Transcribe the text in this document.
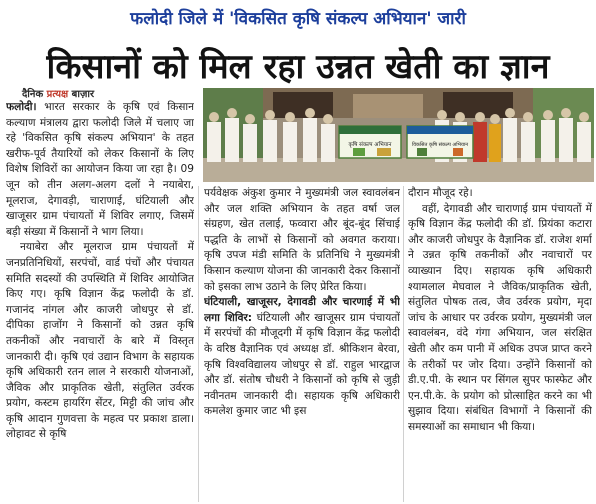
फलोदी जिले में 'विकसित कृषि संकल्प अभियान' जारी
किसानों को मिल रहा उन्नत खेती का ज्ञान
दैनिक प्रत्यक्ष बाज़ार
कृषि संकल्प अभियान	विकसित कृषि संकल्प अभियान

फलोदी। भारत सरकार के कृषि एवं किसान कल्याण मंत्रालय द्वारा फलोदी जिले में चलाए जा रहे 'विकसित कृषि संकल्प अभियान' के तहत खरीफ-पूर्व तैयारियों को लेकर किसानों के लिए विशेष शिविरों का आयोजन किया जा रहा है। 09 जून को तीन अलग-अलग दलों ने नयाबेरा, मूलराज, देगावड़ी, चाराणाई, घंटियाली और खाजूसर ग्राम पंचायतों में शिविर लगाए, जिसमें बड़ी संख्या में किसानों ने भाग लिया।

नयाबेरा और मूलराज ग्राम पंचायतों में जनप्रतिनिधियों, सरपंचों, वार्ड पंचों और पंचायत समिति सदस्यों की उपस्थिति में शिविर आयोजित किए गए। कृषि विज्ञान केंद्र फलोदी के डॉ. गजानंद नांगल और काजरी जोधपुर से डॉ. दीपिका हाजोंग ने किसानों को उन्नत कृषि तकनीकों और नवाचारों के बारे में विस्तृत जानकारी दी। कृषि एवं उद्यान विभाग के सहायक कृषि अधिकारी रतन लाल ने सरकारी योजनाओं, जैविक और प्राकृतिक खेती, संतुलित उर्वरक प्रयोग, कस्टम हायरिंग सेंटर, मिट्टी की जांच और कृषि आदान गुणवत्ता के महत्व पर प्रकाश डाला। लोहावट से कृषि

पर्यवेक्षक अंकुश कुमार ने मुख्यमंत्री जल स्वावलंबन और जल शक्ति अभियान के तहत वर्षा जल संग्रहण, खेत तलाई, फव्वारा और बूंद-बूंद सिंचाई पद्धति के लाभों से किसानों को अवगत कराया। कृषि उपज मंडी समिति के प्रतिनिधि ने मुख्यमंत्री किसान कल्याण योजना की जानकारी देकर किसानों को इसका लाभ उठाने के लिए प्रेरित किया।

घंटियाली, खाजूसर, देगावडी और चारणाई में भी लगा शिविर: घंटियाली और खाजूसर ग्राम पंचायतों में सरपंचों की मौजूदगी में कृषि विज्ञान केंद्र फलोदी के वरिष्ठ वैज्ञानिक एवं अध्यक्ष डॉ. श्रीकिशन बेरवा, कृषि विश्वविद्यालय जोधपुर से डॉ. राहुल भारद्वाज और डॉ. संतोष चौधरी ने किसानों को कृषि से जुड़ी नवीनतम जानकारी दी। सहायक कृषि अधिकारी कमलेश कुमार जाट भी इस

दौरान मौजूद रहे।

वहीं, देगावडी और चाराणाई ग्राम पंचायतों में कृषि विज्ञान केंद्र फलोदी की डॉ. प्रियंका कटारा और काजरी जोधपुर के वैज्ञानिक डॉ. राजेश शर्मा ने उन्नत कृषि तकनीकों और नवाचारों पर व्याख्यान दिए। सहायक कृषि अधिकारी श्यामलाल मेघवाल ने जैविक/प्राकृतिक खेती, संतुलित पोषक तत्व, जैव उर्वरक प्रयोग, मृदा जांच के आधार पर उर्वरक प्रयोग, मुख्यमंत्री जल स्वावलंबन, वंदे गंगा अभियान, जल संरक्षित खेती और कम पानी में अधिक उपज प्राप्त करने के तरीकों पर जोर दिया। उन्होंने किसानों को डी.ए.पी. के स्थान पर सिंगल सुपर फास्फेट और एन.पी.के. के प्रयोग को प्रोत्साहित करने का भी सुझाव दिया। संबंधित विभागों ने किसानों की समस्याओं का समाधान भी किया।
